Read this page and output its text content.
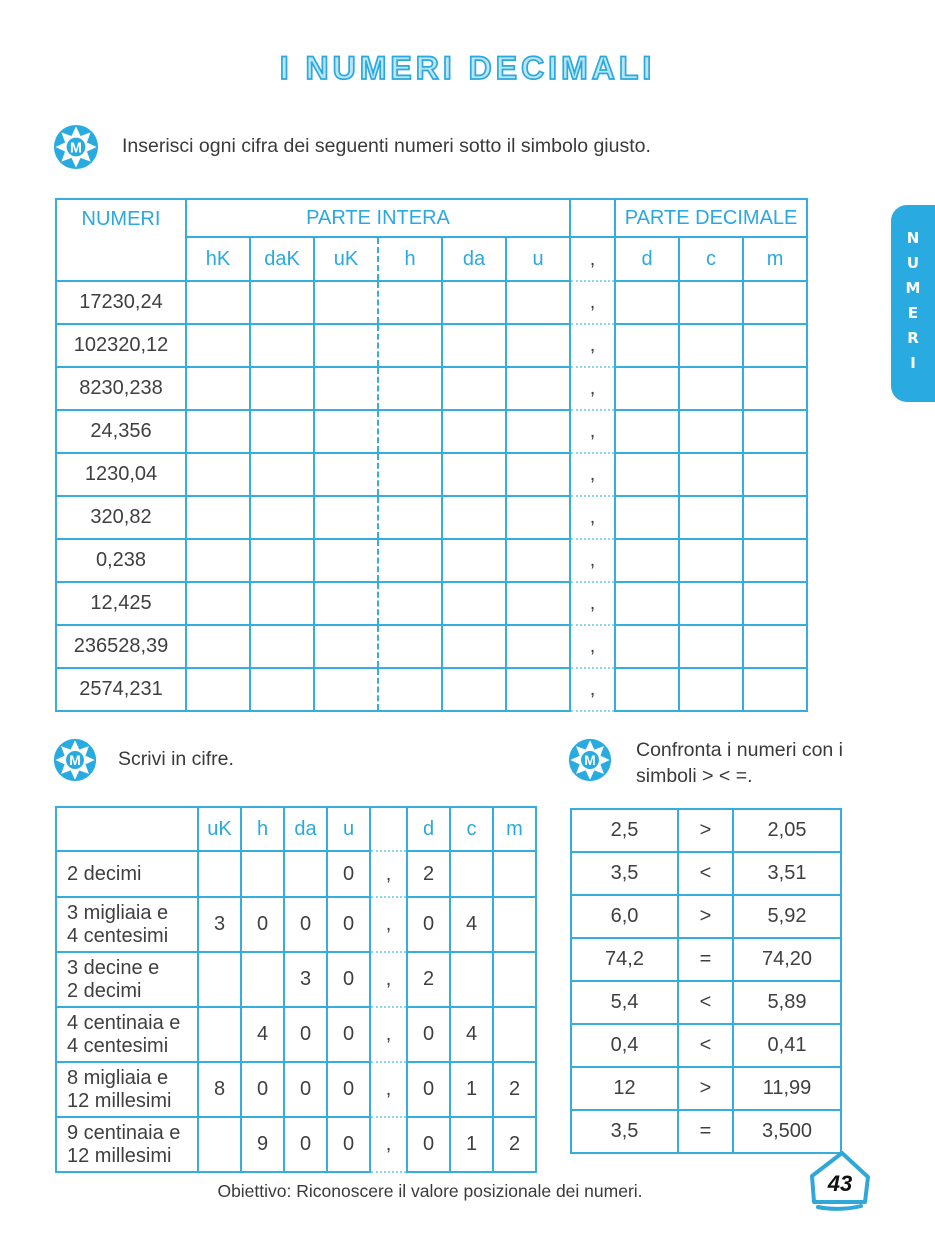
I NUMERI DECIMALI
Inserisci ogni cifra dei seguenti numeri sotto il simbolo giusto.
NUMERI	PARTE INTERA							PARTE DECIMALE		
	hK	daK	uK	h	da	u	,	d	c	m
17230,24							,			
102320,12							,			
8230,238							,			
24,356							,			
1230,04							,			
320,82							,			
0,238							,			
12,425							,			
236528,39							,			
2574,231							,			
Scrivi in cifre.
	uK	h	da	u		d	c	m

2 decimi				0	,	2		

3 migliaia e
4 centesimi	3	0	0	0	,	0	4	

3 decine e
2 decimi			3	0	,	2		

4 centinaia e
4 centesimi		4	0	0	,	0	4	

8 migliaia e
12 millesimi	8	0	0	0	,	0	1	2

9 centinaia e
12 millesimi		9	0	0	,	0	1	2
Confronta i numeri con i
simboli > < =.
2,5	>	2,05
3,5	<	3,51
6,0	>	5,92
74,2	=	74,20
5,4	<	5,89
0,4	<	0,41
12	>	11,99
3,5	=	3,500
NUMERI
Obiettivo: Riconoscere il valore posizionale dei numeri.	43
